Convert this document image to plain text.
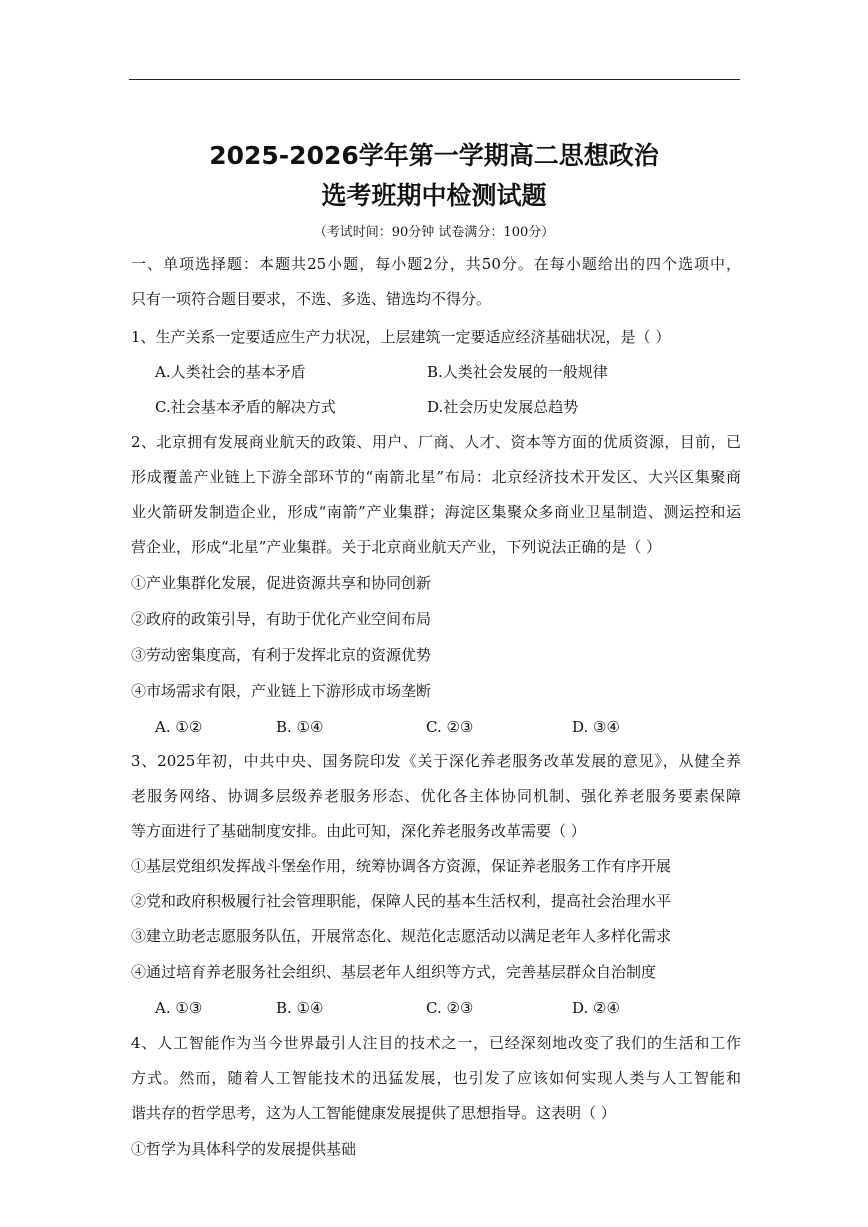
2025-2026学年第一学期高二思想政治
选考班期中检测试题
（考试时间：90分钟 试卷满分：100分）
一、单项选择题：本题共25小题，每小题2分，共50分。在每小题给出的四个选项中，
只有一项符合题目要求，不选、多选、错选均不得分。
1、生产关系一定要适应生产力状况，上层建筑一定要适应经济基础状况，是（ ）
A.人类社会的基本矛盾	B.人类社会发展的一般规律
C.社会基本矛盾的解决方式	D.社会历史发展总趋势
2、北京拥有发展商业航天的政策、用户、厂商、人才、资本等方面的优质资源，目前，已
形成覆盖产业链上下游全部环节的“南箭北星”布局：北京经济技术开发区、大兴区集聚商
业火箭研发制造企业，形成“南箭”产业集群；海淀区集聚众多商业卫星制造、测运控和运
营企业，形成“北星”产业集群。关于北京商业航天产业，下列说法正确的是（ ）
①产业集群化发展，促进资源共享和协同创新
②政府的政策引导，有助于优化产业空间布局
③劳动密集度高，有利于发挥北京的资源优势
④市场需求有限，产业链上下游形成市场垄断
A. ①②	B. ①④	C. ②③	D. ③④
3、2025年初，中共中央、国务院印发《关于深化养老服务改革发展的意见》，从健全养
老服务网络、协调多层级养老服务形态、优化各主体协同机制、强化养老服务要素保障
等方面进行了基础制度安排。由此可知，深化养老服务改革需要（ ）
①基层党组织发挥战斗堡垒作用，统筹协调各方资源，保证养老服务工作有序开展
②党和政府积极履行社会管理职能，保障人民的基本生活权利，提高社会治理水平
③建立助老志愿服务队伍，开展常态化、规范化志愿活动以满足老年人多样化需求
④通过培育养老服务社会组织、基层老年人组织等方式，完善基层群众自治制度
A. ①③	B. ①④	C. ②③	D. ②④
4、人工智能作为当今世界最引人注目的技术之一，已经深刻地改变了我们的生活和工作
方式。然而，随着人工智能技术的迅猛发展，也引发了应该如何实现人类与人工智能和
谐共存的哲学思考，这为人工智能健康发展提供了思想指导。这表明（ ）
①哲学为具体科学的发展提供基础
